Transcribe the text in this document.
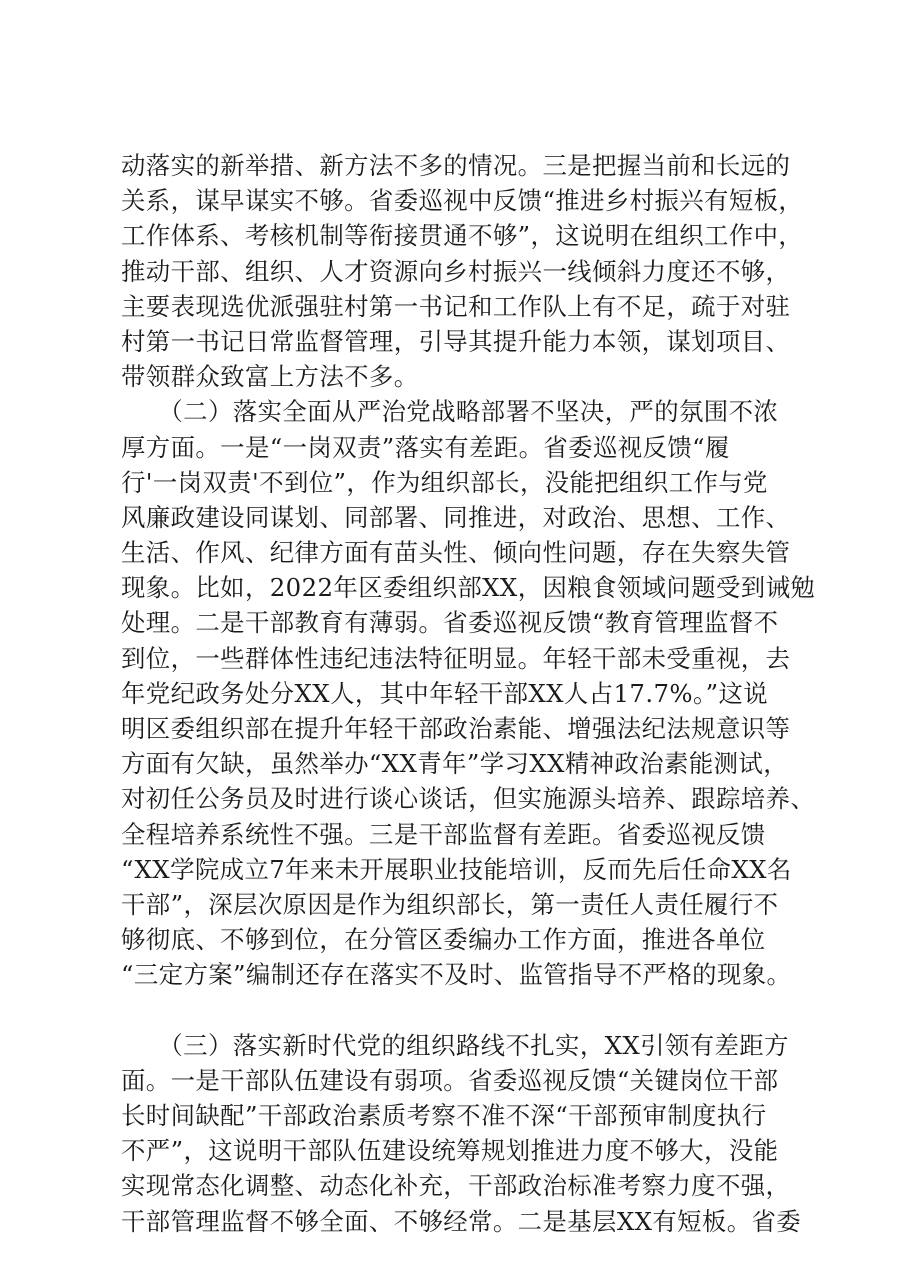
动落实的新举措、新方法不多的情况。三是把握当前和长远的
关系，谋早谋实不够。省委巡视中反馈“推进乡村振兴有短板，
工作体系、考核机制等衔接贯通不够”，这说明在组织工作中，
推动干部、组织、人才资源向乡村振兴一线倾斜力度还不够，
主要表现选优派强驻村第一书记和工作队上有不足，疏于对驻
村第一书记日常监督管理，引导其提升能力本领，谋划项目、
带领群众致富上方法不多。

　　（二）落实全面从严治党战略部署不坚决，严的氛围不浓
厚方面。一是“一岗双责”落实有差距。省委巡视反馈“履
行'一岗双责'不到位”，作为组织部长，没能把组织工作与党
风廉政建设同谋划、同部署、同推进，对政治、思想、工作、
生活、作风、纪律方面有苗头性、倾向性问题，存在失察失管
现象。比如，2022年区委组织部XX，因粮食领域问题受到诫勉
处理。二是干部教育有薄弱。省委巡视反馈“教育管理监督不
到位，一些群体性违纪违法特征明显。年轻干部未受重视，去
年党纪政务处分XX人，其中年轻干部XX人占17.7%。”这说
明区委组织部在提升年轻干部政治素能、增强法纪法规意识等
方面有欠缺，虽然举办“XX青年”学习XX精神政治素能测试，
对初任公务员及时进行谈心谈话，但实施源头培养、跟踪培养、
全程培养系统性不强。三是干部监督有差距。省委巡视反馈
“XX学院成立7年来未开展职业技能培训，反而先后任命XX名
干部”，深层次原因是作为组织部长，第一责任人责任履行不
够彻底、不够到位，在分管区委编办工作方面，推进各单位
“三定方案”编制还存在落实不及时、监管指导不严格的现象。

　　（三）落实新时代党的组织路线不扎实，XX引领有差距方
面。一是干部队伍建设有弱项。省委巡视反馈“关键岗位干部
长时间缺配”干部政治素质考察不准不深“干部预审制度执行
不严”，这说明干部队伍建设统筹规划推进力度不够大，没能
实现常态化调整、动态化补充，干部政治标准考察力度不强，
干部管理监督不够全面、不够经常。二是基层XX有短板。省委
